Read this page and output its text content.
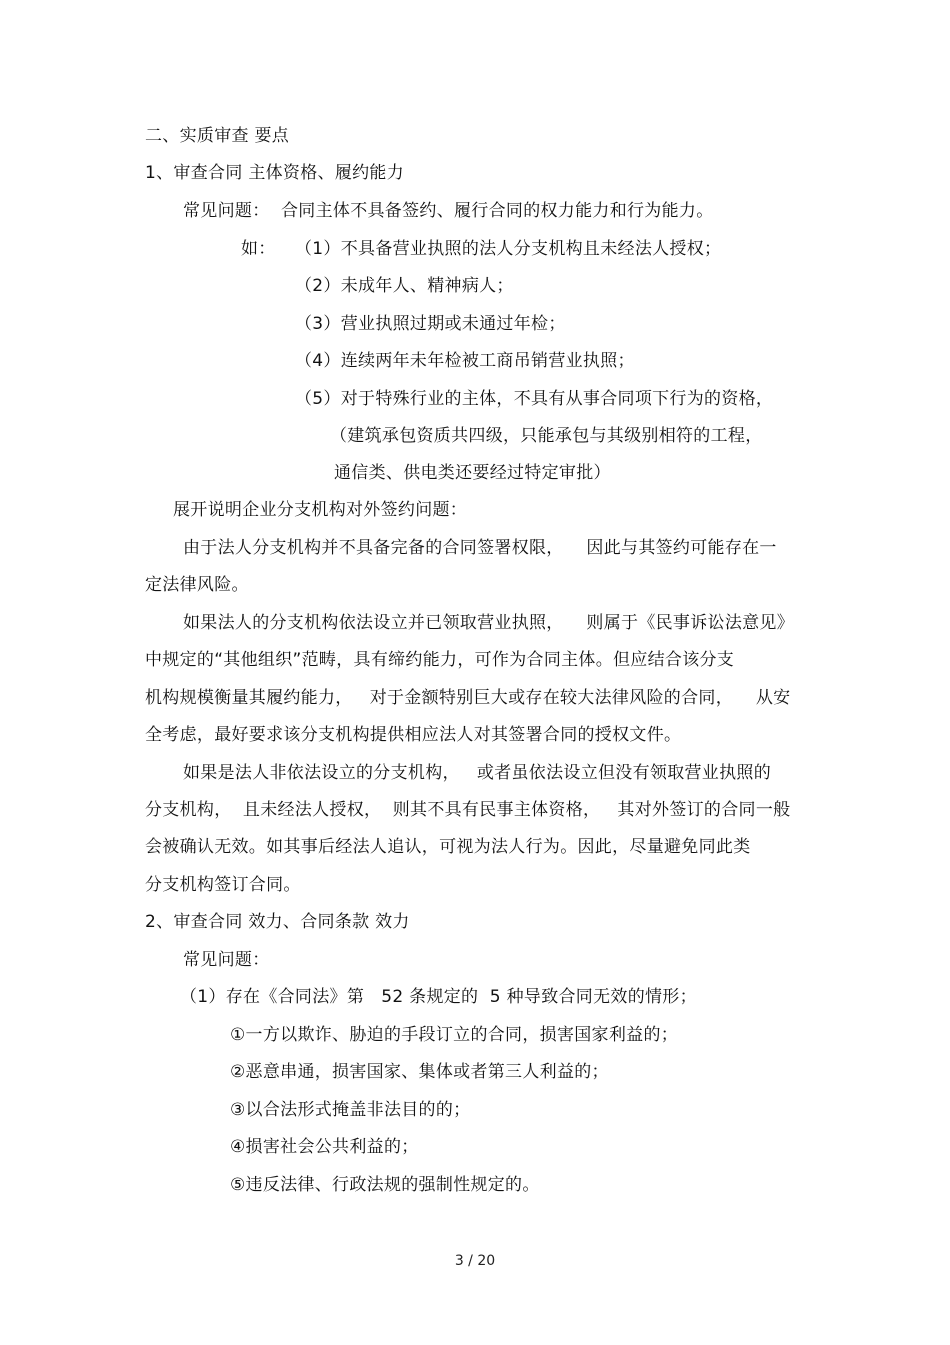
二、实质审查 要点
1、审查合同 主体资格、履约能力
常见问题： 合同主体不具备签约、履行合同的权力能力和行为能力。
如： （1）不具备营业执照的法人分支机构且未经法人授权；
（2）未成年人、精神病人；
（3）营业执照过期或未通过年检；
（4）连续两年未年检被工商吊销营业执照；
（5）对于特殊行业的主体，不具有从事合同项下行为的资格，
（建筑承包资质共四级，只能承包与其级别相符的工程，
通信类、供电类还要经过特定审批）
展开说明企业分支机构对外签约问题：
由于法人分支机构并不具备完备的合同签署权限，    因此与其签约可能存在一
定法律风险。
如果法人的分支机构依法设立并已领取营业执照，    则属于《民事诉讼法意见》
中规定的“其他组织”范畴，具有缔约能力，可作为合同主体。但应结合该分支
机构规模衡量其履约能力，   对于金额特别巨大或存在较大法律风险的合同，    从安
全考虑，最好要求该分支机构提供相应法人对其签署合同的授权文件。
如果是法人非依法设立的分支机构，   或者虽依法设立但没有领取营业执照的
分支机构，  且未经法人授权，  则其不具有民事主体资格，   其对外签订的合同一般
会被确认无效。如其事后经法人追认，可视为法人行为。因此，尽量避免同此类
分支机构签订合同。
2、审查合同 效力、合同条款 效力
常见问题：
（1）存在《合同法》第   52 条规定的  5 种导致合同无效的情形；
①一方以欺诈、胁迫的手段订立的合同，损害国家利益的；
②恶意串通，损害国家、集体或者第三人利益的；
③以合法形式掩盖非法目的的；
④损害社会公共利益的；
⑤违反法律、行政法规的强制性规定的。
3 / 20
